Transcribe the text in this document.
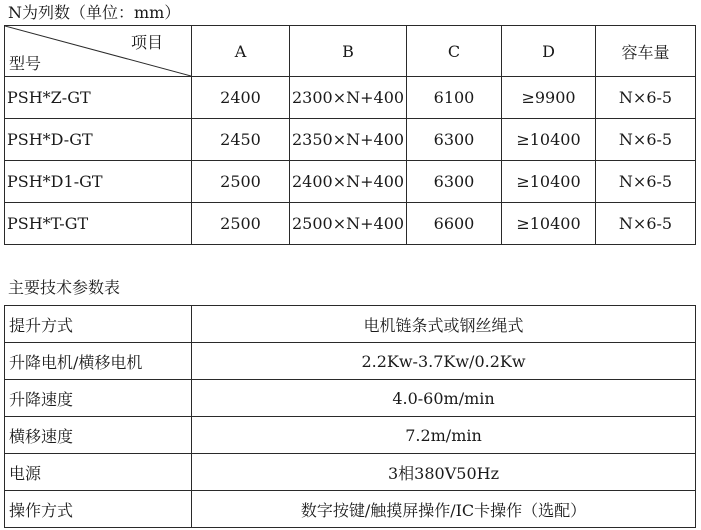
N为列数（单位：mm）
项目
型号	A	B	C	D	容车量
PSH*Z-GT	2400	2300×N+400	6100	≥9900	N×6-5
PSH*D-GT	2450	2350×N+400	6300	≥10400	N×6-5
PSH*D1-GT	2500	2400×N+400	6300	≥10400	N×6-5
PSH*T-GT	2500	2500×N+400	6600	≥10400	N×6-5
主要技术参数表
提升方式	电机链条式或钢丝绳式
升降电机/横移电机	2.2Kw-3.7Kw/0.2Kw
升降速度	4.0-60m/min
横移速度	7.2m/min
电源	3相380V50Hz
操作方式	数字按键/触摸屏操作/IC卡操作（选配）
